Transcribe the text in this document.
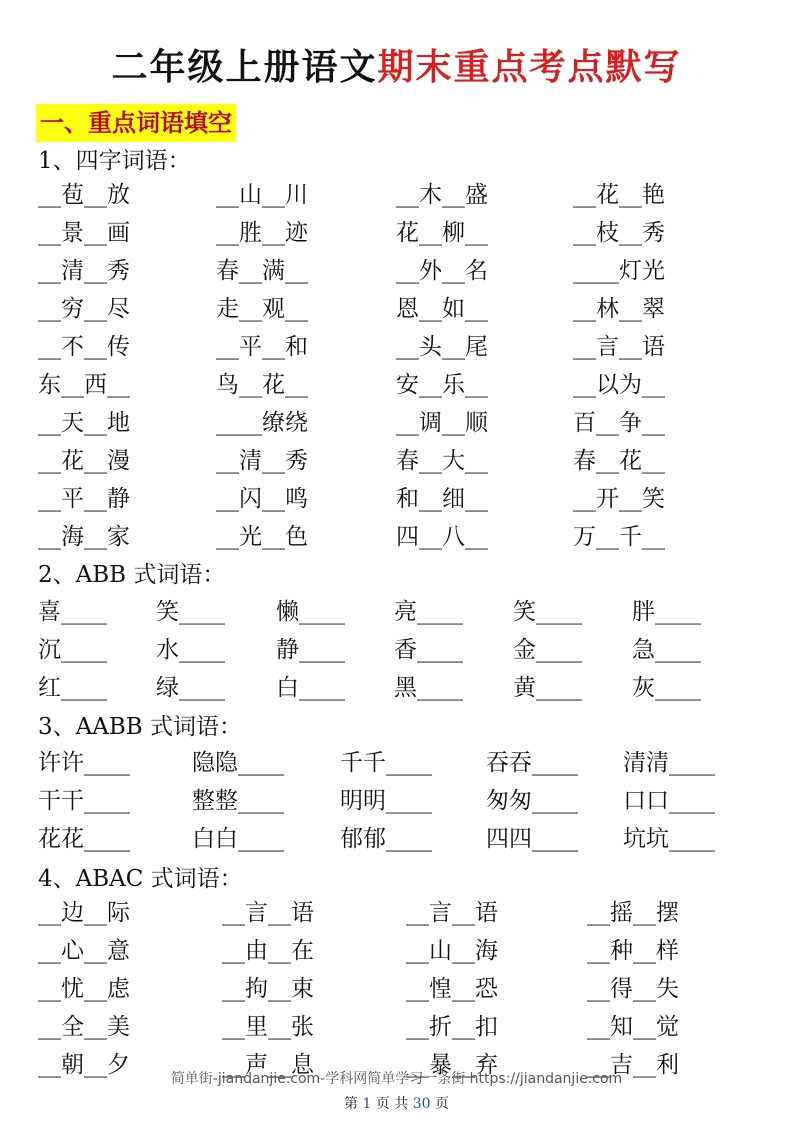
二年级上册语文期末重点考点默写
一、重点词语填空
1、四字词语：
__苞__放	__山__川	__木__盛	__花__艳
__景__画	__胜__迹	花__柳__	__枝__秀
__清__秀	春__满__	__外__名	____灯光
__穷__尽	走__观__	恩__如__	__林__翠
__不__传	__平__和	__头__尾	__言__语
东__西__	鸟__花__	安__乐__	__以为__
__天__地	____缭绕	__调__顺	百__争__
__花__漫	__清__秀	春__大__	春__花__
__平__静	__闪__鸣	和__细__	__开__笑
__海__家	__光__色	四__八__	万__千__
2、ABB 式词语：
喜____ 笑____ 懒____ 亮____ 笑____ 胖____
沉____ 水____ 静____ 香____ 金____ 急____
红____ 绿____ 白____ 黑____ 黄____ 灰____
3、AABB 式词语：
许许____	隐隐____ 千千____ 吞吞____ 清清____
干干____	整整____ 明明____ 匆匆____ 口口____
花花____	白白____ 郁郁____ 四四____ 坑坑____
4、ABAC 式词语：
__边__际	__言__语	__言__语	__摇__摆
__心__意	__由__在	__山__海	__种__样
__忧__虑	__拘__束	__惶__恐	__得__失
__全__美	__里__张	__折__扣	__知__觉
__朝__夕	__声__息	__暴__弃	__吉__利
简单街-jiandanjie.com-学科网简单学习一条街 https://jiandanjie.com
第 1 页 共 30 页
